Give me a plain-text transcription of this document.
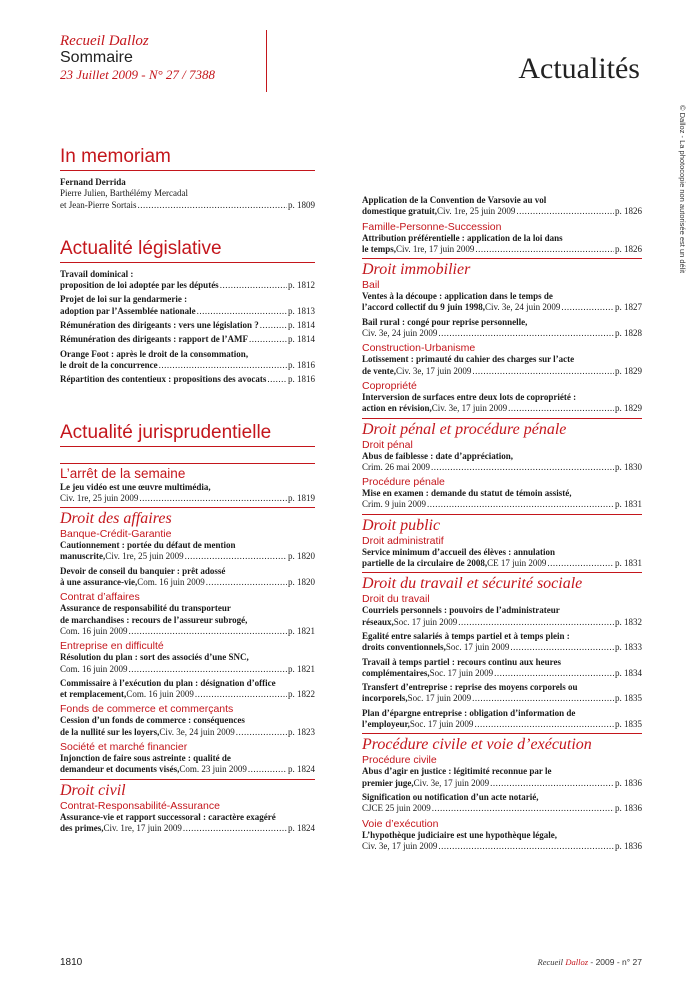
Recueil Dalloz
Sommaire
23 Juillet 2009 - N° 27 / 7388	Actualités
© Dalloz - La photocopie non autorisée est un délit
In memoriam
Fernand Derrida
Pierre Julien, Barthélémy Mercadal
et Jean-Pierre Sortais .....	p. 1809
Actualité législative
Travail dominical :
proposition de loi adoptée par les députés .....	p. 1812
Projet de loi sur la gendarmerie :
adoption par l’Assemblée nationale .....	p. 1813
Rémunération des dirigeants : vers une législation ? .....	p. 1814
Rémunération des dirigeants : rapport de l’AMF .....	p. 1814
Orange Foot : après le droit de la consommation,
le droit de la concurrence .....	p. 1816
Répartition des contentieux : propositions des avocats ..... p. 1816
Actualité jurisprudentielle
L’arrêt de la semaine
Le jeu vidéo est une œuvre multimédia,
Civ. 1re, 25 juin 2009 .....	p. 1819
Droit des affaires
Banque-Crédit-Garantie
Cautionnement : portée du défaut de mention
manuscrite, Civ. 1re, 25 juin 2009 .....	p. 1820
Devoir de conseil du banquier : prêt adossé
à une assurance-vie, Com. 16 juin 2009 .....	p. 1820
Contrat d’affaires
Assurance de responsabilité du transporteur
de marchandises : recours de l’assureur subrogé,
Com. 16 juin 2009 .....	p. 1821
Entreprise en difficulté
Résolution du plan : sort des associés d’une SNC,
Com. 16 juin 2009 .....	p. 1821
Commissaire à l’exécution du plan : désignation d’office
et remplacement, Com. 16 juin 2009 .....	p. 1822
Fonds de commerce et commerçants
Cession d’un fonds de commerce : conséquences
de la nullité sur les loyers, Civ. 3e, 24 juin 2009 .....	p. 1823
Société et marché financier
Injonction de faire sous astreinte : qualité de
demandeur et documents visés, Com. 23 juin 2009 .....	p. 1824
Droit civil
Contrat-Responsabilité-Assurance
Assurance-vie et rapport successoral : caractère exagéré
des primes, Civ. 1re, 17 juin 2009 .....	p. 1824
Application de la Convention de Varsovie au vol
domestique gratuit, Civ. 1re, 25 juin 2009 .....	p. 1826
Famille-Personne-Succession
Attribution préférentielle : application de la loi dans
le temps, Civ. 1re, 17 juin 2009 .....	p. 1826
Droit immobilier
Bail
Ventes à la découpe : application dans le temps de
l’accord collectif du 9 juin 1998, Civ. 3e, 24 juin 2009 .....	p. 1827
Bail rural : congé pour reprise personnelle,
Civ. 3e, 24 juin 2009 .....	p. 1828
Construction-Urbanisme
Lotissement : primauté du cahier des charges sur l’acte
de vente, Civ. 3e, 17 juin 2009 .....	p. 1829
Copropriété
Interversion de surfaces entre deux lots de copropriété :
action en révision, Civ. 3e, 17 juin 2009 .....	p. 1829
Droit pénal et procédure pénale
Droit pénal
Abus de faiblesse : date d’appréciation,
Crim. 26 mai 2009 .....	p. 1830
Procédure pénale
Mise en examen : demande du statut de témoin assisté,
Crim. 9 juin 2009 .....	p. 1831
Droit public
Droit administratif
Service minimum d’accueil des élèves : annulation
partielle de la circulaire de 2008, CE 17 juin 2009 .....	p. 1831
Droit du travail et sécurité sociale
Droit du travail
Courriels personnels : pouvoirs de l’administrateur
réseaux, Soc. 17 juin 2009 .....	p. 1832
Egalité entre salariés à temps partiel et à temps plein :
droits conventionnels, Soc. 17 juin 2009 .....	p. 1833
Travail à temps partiel : recours continu aux heures
complémentaires, Soc. 17 juin 2009 .....	p. 1834
Transfert d’entreprise : reprise des moyens corporels ou
incorporels, Soc. 17 juin 2009 .....	p. 1835
Plan d’épargne entreprise : obligation d’information de
l’employeur, Soc. 17 juin 2009 .....	p. 1835
Procédure civile et voie d’exécution
Procédure civile
Abus d’agir en justice : légitimité reconnue par le
premier juge, Civ. 3e, 17 juin 2009 .....	p. 1836
Signification ou notification d’un acte notarié,
CJCE 25 juin 2009 .....	p. 1836
Voie d’exécution
L’hypothèque judiciaire est une hypothèque légale,
Civ. 3e, 17 juin 2009 .....	p. 1836
1810	Recueil Dalloz - 2009 - n° 27
